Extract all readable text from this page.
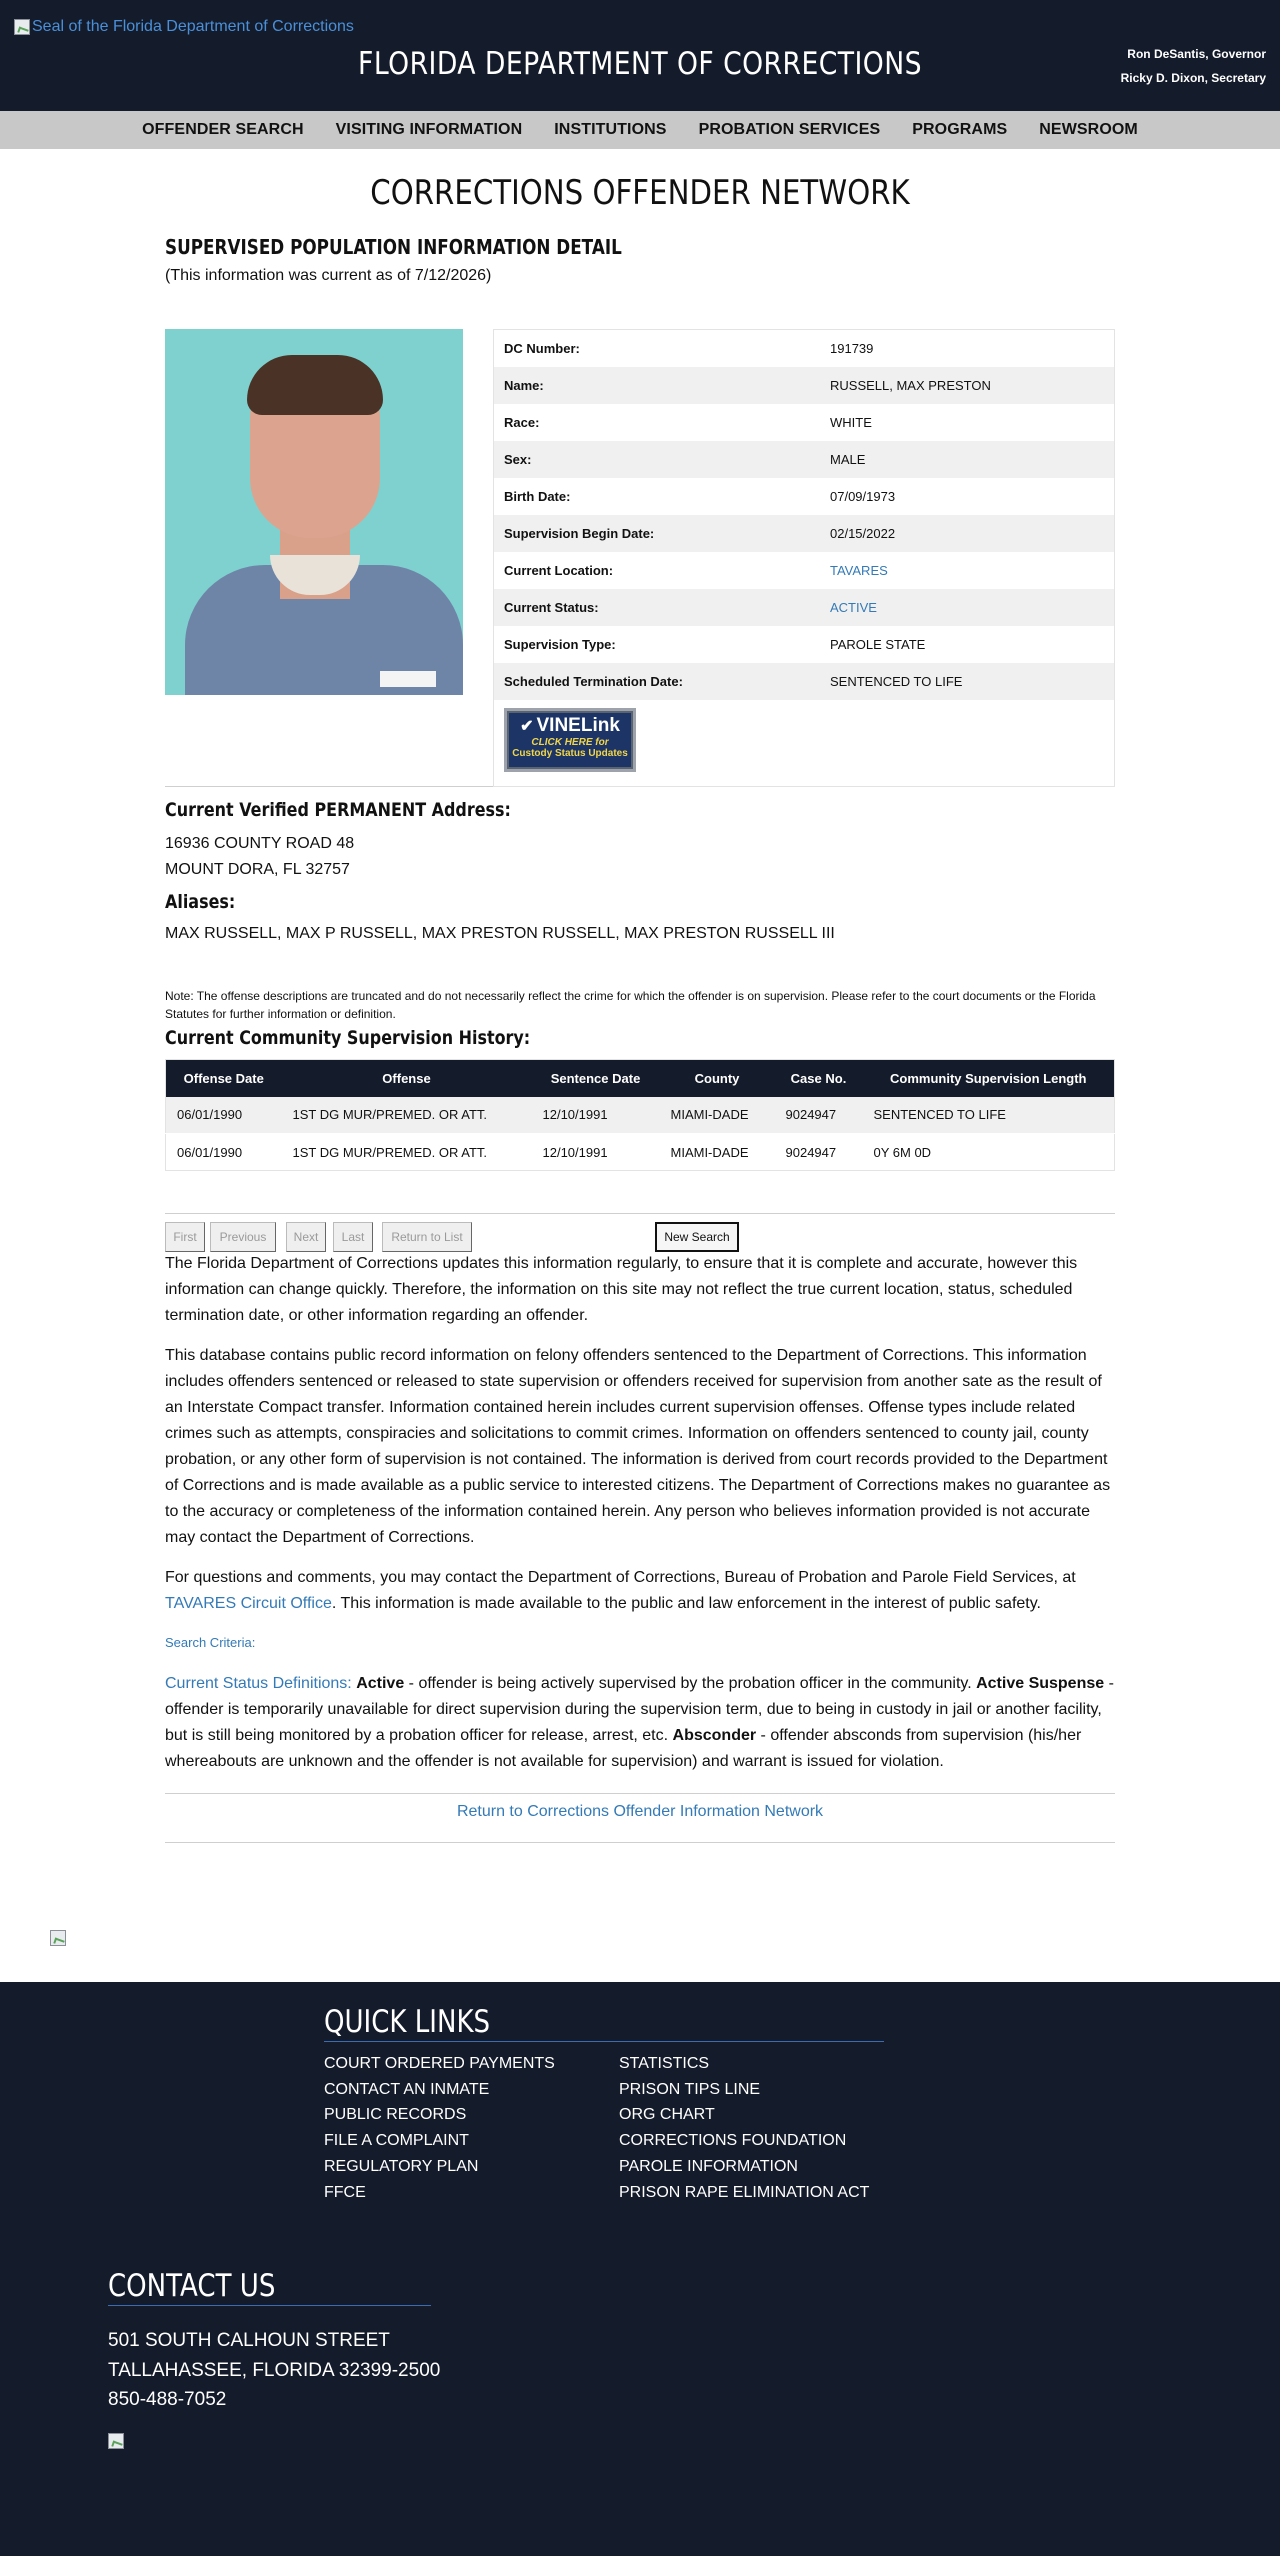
Seal of the Florida Department of Corrections
FLORIDA DEPARTMENT OF CORRECTIONS	Ron DeSantis, Governor
Ricky D. Dixon, Secretary
OFFENDER SEARCH	VISITING INFORMATION	INSTITUTIONS	PROBATION SERVICES	PROGRAMS	NEWSROOM
CORRECTIONS OFFENDER NETWORK
SUPERVISED POPULATION INFORMATION DETAIL

(This information was current as of 7/12/2026)

DC Number:	191739
Name:	RUSSELL, MAX PRESTON
Race:	WHITE
Sex:	MALE
Birth Date:	07/09/1973
Supervision Begin Date:	02/15/2022
Current Location:	TAVARES
Current Status:	ACTIVE
Supervision Type:	PAROLE STATE
Scheduled Termination Date:	SENTENCED TO LIFE
✔ VINELink
CLICK HERE for
Custody Status Updates
Current Verified PERMANENT Address:
16936 COUNTY ROAD 48
MOUNT DORA, FL 32757
Aliases:
MAX RUSSELL, MAX P RUSSELL, MAX PRESTON RUSSELL, MAX PRESTON RUSSELL III
Note: The offense descriptions are truncated and do not necessarily reflect the crime for which the offender is on supervision. Please refer to the court documents or the Florida Statutes for further information or definition.
Current Community Supervision History:
Offense Date	Offense	Sentence Date	County	Case No.	Community Supervision Length
06/01/1990	1ST DG MUR/PREMED. OR ATT.	12/10/1991	MIAMI-DADE	9024947	SENTENCED TO LIFE
06/01/1990	1ST DG MUR/PREMED. OR ATT.	12/10/1991	MIAMI-DADE	9024947	0Y 6M 0D
First	Previous	Next	Last	Return to List	New Search

The Florida Department of Corrections updates this information regularly, to ensure that it is complete and accurate, however this information can change quickly. Therefore, the information on this site may not reflect the true current location, status, scheduled termination date, or other information regarding an offender.

This database contains public record information on felony offenders sentenced to the Department of Corrections. This information includes offenders sentenced or released to state supervision or offenders received for supervision from another sate as the result of an Interstate Compact transfer. Information contained herein includes current supervision offenses. Offense types include related crimes such as attempts, conspiracies and solicitations to commit crimes. Information on offenders sentenced to county jail, county probation, or any other form of supervision is not contained. The information is derived from court records provided to the Department of Corrections and is made available as a public service to interested citizens. The Department of Corrections makes no guarantee as to the accuracy or completeness of the information contained herein. Any person who believes information provided is not accurate may contact the Department of Corrections.

For questions and comments, you may contact the Department of Corrections, Bureau of Probation and Parole Field Services, at TAVARES Circuit Office. This information is made available to the public and law enforcement in the interest of public safety.

Search Criteria:

Current Status Definitions: Active - offender is being actively supervised by the probation officer in the community. Active Suspense - offender is temporarily unavailable for direct supervision during the supervision term, due to being in custody in jail or another facility, but is still being monitored by a probation officer for release, arrest, etc. Absconder - offender absconds from supervision (his/her whereabouts are unknown and the offender is not available for supervision) and warrant is issued for violation.

Return to Corrections Offender Information Network
QUICK LINKS
COURT ORDERED PAYMENTS
CONTACT AN INMATE
PUBLIC RECORDS
FILE A COMPLAINT
REGULATORY PLAN
FFCE
STATISTICS
PRISON TIPS LINE
ORG CHART
CORRECTIONS FOUNDATION
PAROLE INFORMATION
PRISON RAPE ELIMINATION ACT
CONTACT US
501 SOUTH CALHOUN STREET
TALLAHASSEE, FLORIDA 32399-2500
850-488-7052
